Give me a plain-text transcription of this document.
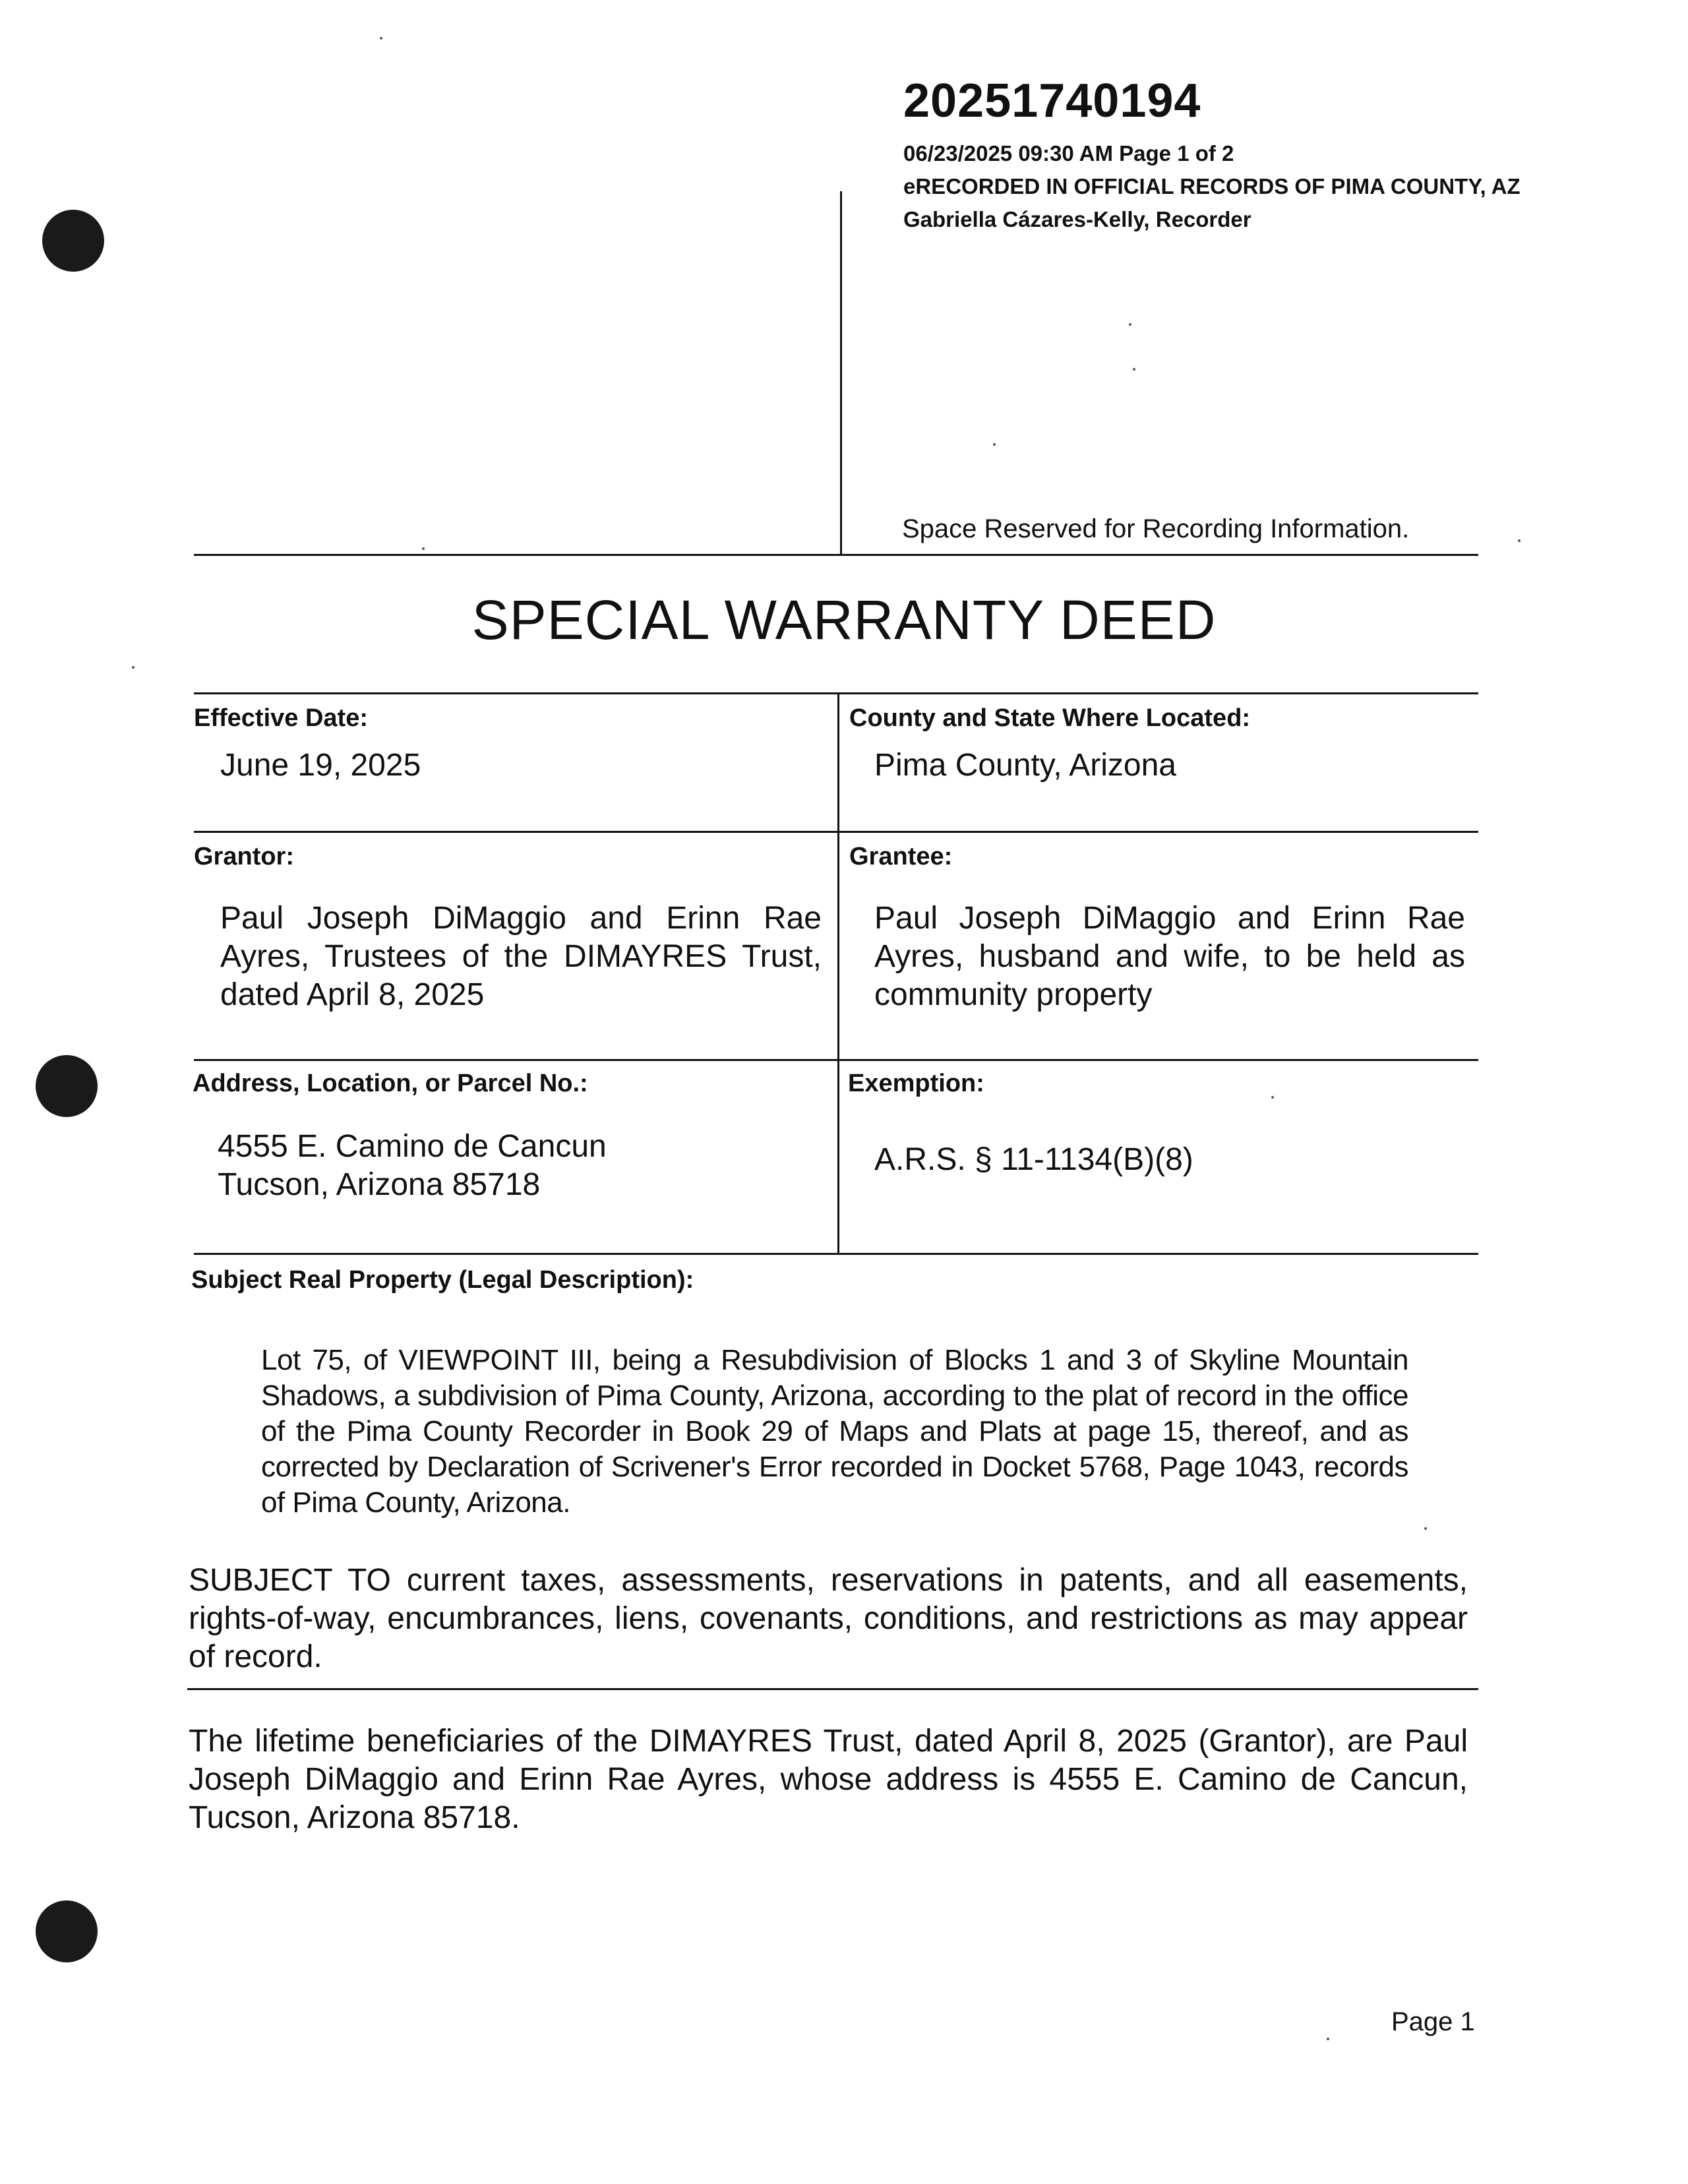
20251740194
06/23/2025 09:30 AM Page 1 of 2
eRECORDED IN OFFICIAL RECORDS OF PIMA COUNTY, AZ
Gabriella Cázares-Kelly, Recorder
Space Reserved for Recording Information.
SPECIAL WARRANTY DEED
Effective Date:
June 19, 2025
County and State Where Located:
Pima County, Arizona
Grantor:
Paul Joseph DiMaggio and Erinn Rae Ayres, Trustees of the DIMAYRES Trust, dated April 8, 2025
Grantee:
Paul Joseph DiMaggio and Erinn Rae Ayres, husband and wife, to be held as community property
Address, Location, or Parcel No.:
4555 E. Camino de Cancun
Tucson, Arizona 85718
Exemption:
A.R.S. § 11-1134(B)(8)
Subject Real Property (Legal Description):
Lot 75, of VIEWPOINT III, being a Resubdivision of Blocks 1 and 3 of Skyline Mountain Shadows, a subdivision of Pima County, Arizona, according to the plat of record in the office of the Pima County Recorder in Book 29 of Maps and Plats at page 15, thereof, and as corrected by Declaration of Scrivener's Error recorded in Docket 5768, Page 1043, records of Pima County, Arizona.
SUBJECT TO current taxes, assessments, reservations in patents, and all easements, rights-of-way, encumbrances, liens, covenants, conditions, and restrictions as may appear of record.
The lifetime beneficiaries of the DIMAYRES Trust, dated April 8, 2025 (Grantor), are Paul Joseph DiMaggio and Erinn Rae Ayres, whose address is 4555 E. Camino de Cancun, Tucson, Arizona 85718.
Page 1
